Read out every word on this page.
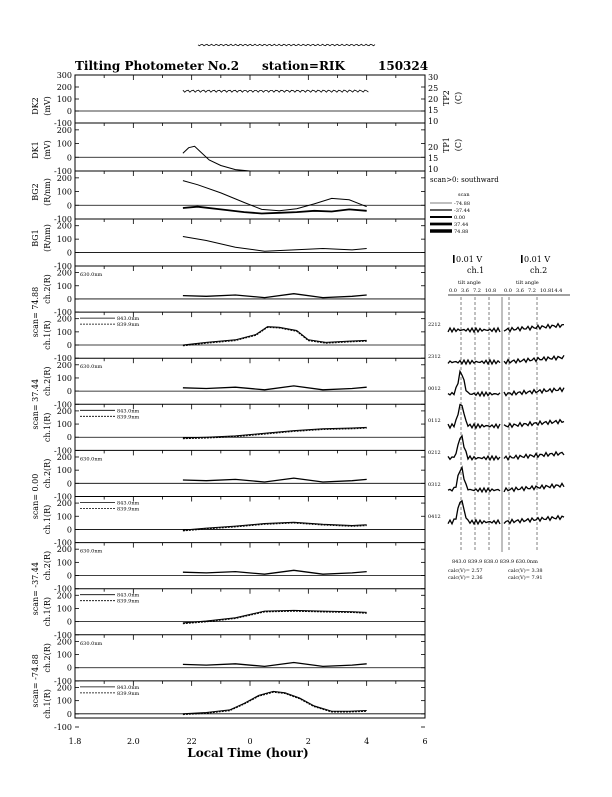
Tilting Photometer No.2 station=RIK	150324
300
200
100
0
-100
200
100
0
-100
200
100
0
-100
200
100
0
-100
200
100
0
-100
200
100
0
-100
200
100
0
-100
200
100
0
-100
200
100
0
-100
200
100
0
-100
200
100
0
-100
200
100
0
-100
200
100
0
-100
200
100
0
-100
30
25
20
15
10
20
15
10
scan= 74.88 ch.2(R)
ch.1(R)
630.0nm
843.0nm
839.9nm
scan= 37.44 ch.2(R)
ch.1(R)
630.0nm
843.0nm
839.9nm
scan= 0.00
ch.2(R)
ch.1(R)
630.0nm
843.0nm
839.9nm
scan= -37.44 ch.2(R)
ch.1(R)
630.0nm
843.0nm
839.9nm
scan= -74.88 ch.2(R)
ch.1(R)
630.0nm
843.0nm
839.9nm
DK2 (mV)
DK1 (mV)
BG2 (R/nm)
BG1 (R/nm)
TP2 (C)
TP1 (C)
1.8	2.0	22	0	2	4	6
Local Time (hour)
scan>0: southward
scan
-74.88
-37.44
0.00
37.44
74.88
0.01 V	0.01 V
ch.1	ch.2
tilt angle	tilt angle
0.0 3.6 7.2 10.8 0.0 3.6 7.2 10.814.4
2212
2312
0012
0112
0212
0312
0412
843.0 839.9 838.0 839.9 630.0nm
calc(V)= 2.57
calc(V)= 2.36
calc(V)= 3.38
calc(V)= 7.91
